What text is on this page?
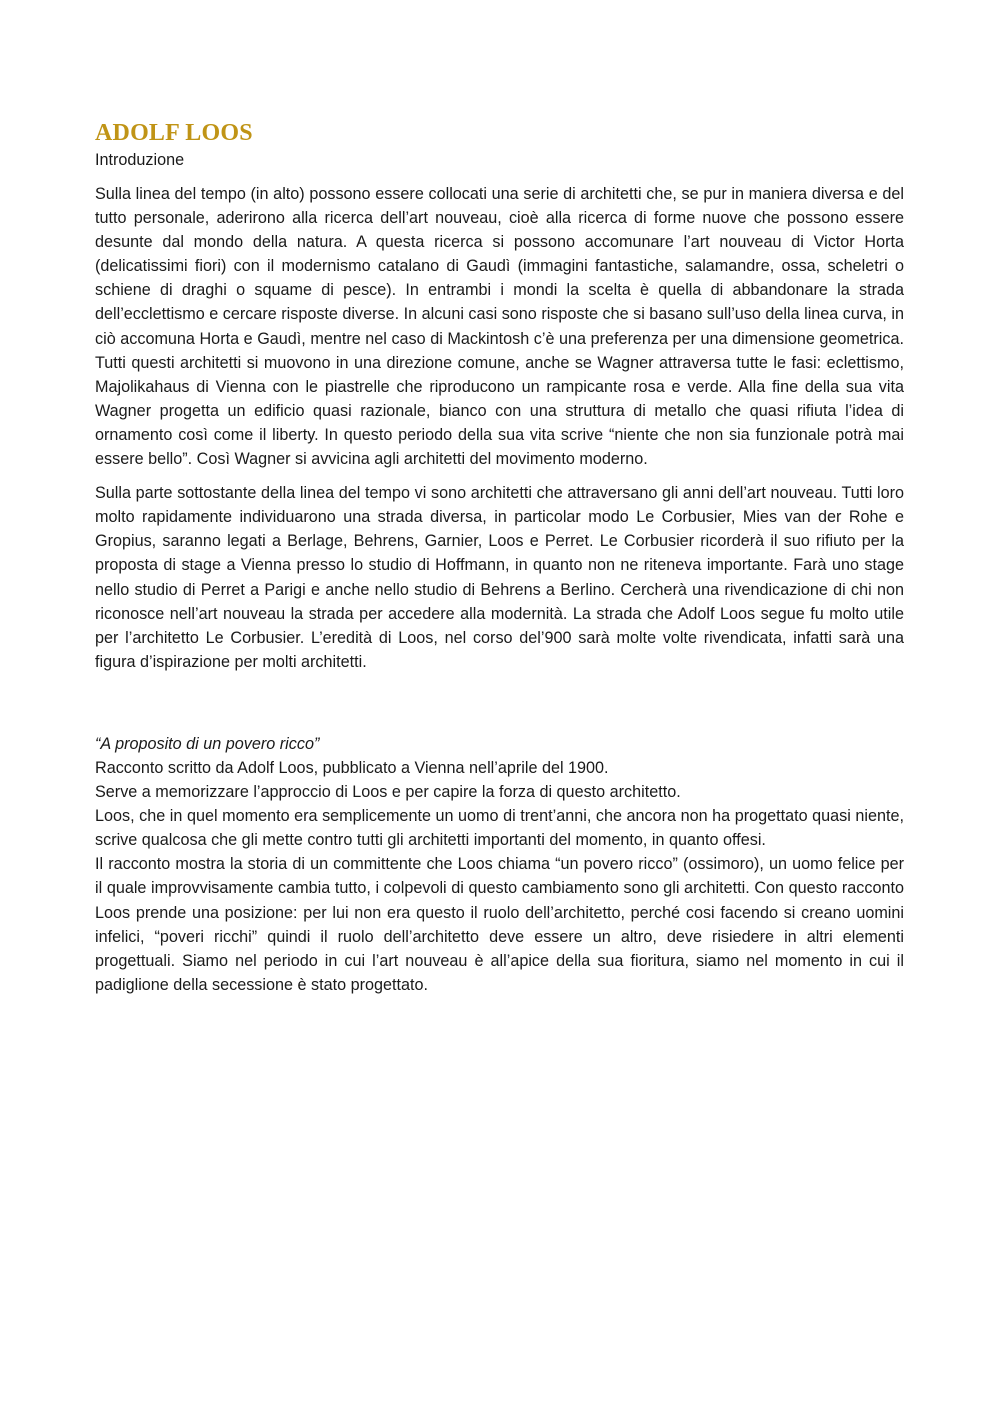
ADOLF LOOS

Introduzione

Sulla linea del tempo (in alto) possono essere collocati una serie di architetti che, se pur in maniera diversa e del tutto personale, aderirono alla ricerca dell’art nouveau, cioè alla ricerca di forme nuove che possono essere desunte dal mondo della natura. A questa ricerca si possono accomunare l’art nouveau di Victor Horta (delicatissimi fiori) con il modernismo catalano di Gaudì (immagini fantastiche, salamandre, ossa, scheletri o schiene di draghi o squame di pesce). In entrambi i mondi la scelta è quella di abbandonare la strada dell’ecclettismo e cercare risposte diverse. In alcuni casi sono risposte che si basano sull’uso della linea curva, in ciò accomuna Horta e Gaudì, mentre nel caso di Mackintosh c’è una preferenza per una dimensione geometrica. Tutti questi architetti si muovono in una direzione comune, anche se Wagner attraversa tutte le fasi: eclettismo, Majolikahaus di Vienna con le piastrelle che riproducono un rampicante rosa e verde. Alla fine della sua vita Wagner progetta un edificio quasi razionale, bianco con una struttura di metallo che quasi rifiuta l’idea di ornamento così come il liberty. In questo periodo della sua vita scrive “niente che non sia funzionale potrà mai essere bello”. Così Wagner si avvicina agli architetti del movimento moderno.

Sulla parte sottostante della linea del tempo vi sono architetti che attraversano gli anni dell’art nouveau. Tutti loro molto rapidamente individuarono una strada diversa, in particolar modo Le Corbusier, Mies van der Rohe e Gropius, saranno legati a Berlage, Behrens, Garnier, Loos e Perret. Le Corbusier ricorderà il suo rifiuto per la proposta di stage a Vienna presso lo studio di Hoffmann, in quanto non ne riteneva importante. Farà uno stage nello studio di Perret a Parigi e anche nello studio di Behrens a Berlino. Cercherà una rivendicazione di chi non riconosce nell’art nouveau la strada per accedere alla modernità. La strada che Adolf Loos segue fu molto utile per l’architetto Le Corbusier. L’eredità di Loos, nel corso del’900 sarà molte volte rivendicata, infatti sarà una figura d’ispirazione per molti architetti.

“A proposito di un povero ricco”

Racconto scritto da Adolf Loos, pubblicato a Vienna nell’aprile del 1900.

Serve a memorizzare l’approccio di Loos e per capire la forza di questo architetto.

Loos, che in quel momento era semplicemente un uomo di trent’anni, che ancora non ha progettato quasi niente, scrive qualcosa che gli mette contro tutti gli architetti importanti del momento, in quanto offesi.

Il racconto mostra la storia di un committente che Loos chiama “un povero ricco” (ossimoro), un uomo felice per il quale improvvisamente cambia tutto, i colpevoli di questo cambiamento sono gli architetti. Con questo racconto Loos prende una posizione: per lui non era questo il ruolo dell’architetto, perché cosi facendo si creano uomini infelici, “poveri ricchi” quindi il ruolo dell’architetto deve essere un altro, deve risiedere in altri elementi progettuali. Siamo nel periodo in cui l’art nouveau è all’apice della sua fioritura, siamo nel momento in cui il padiglione della secessione è stato progettato.
